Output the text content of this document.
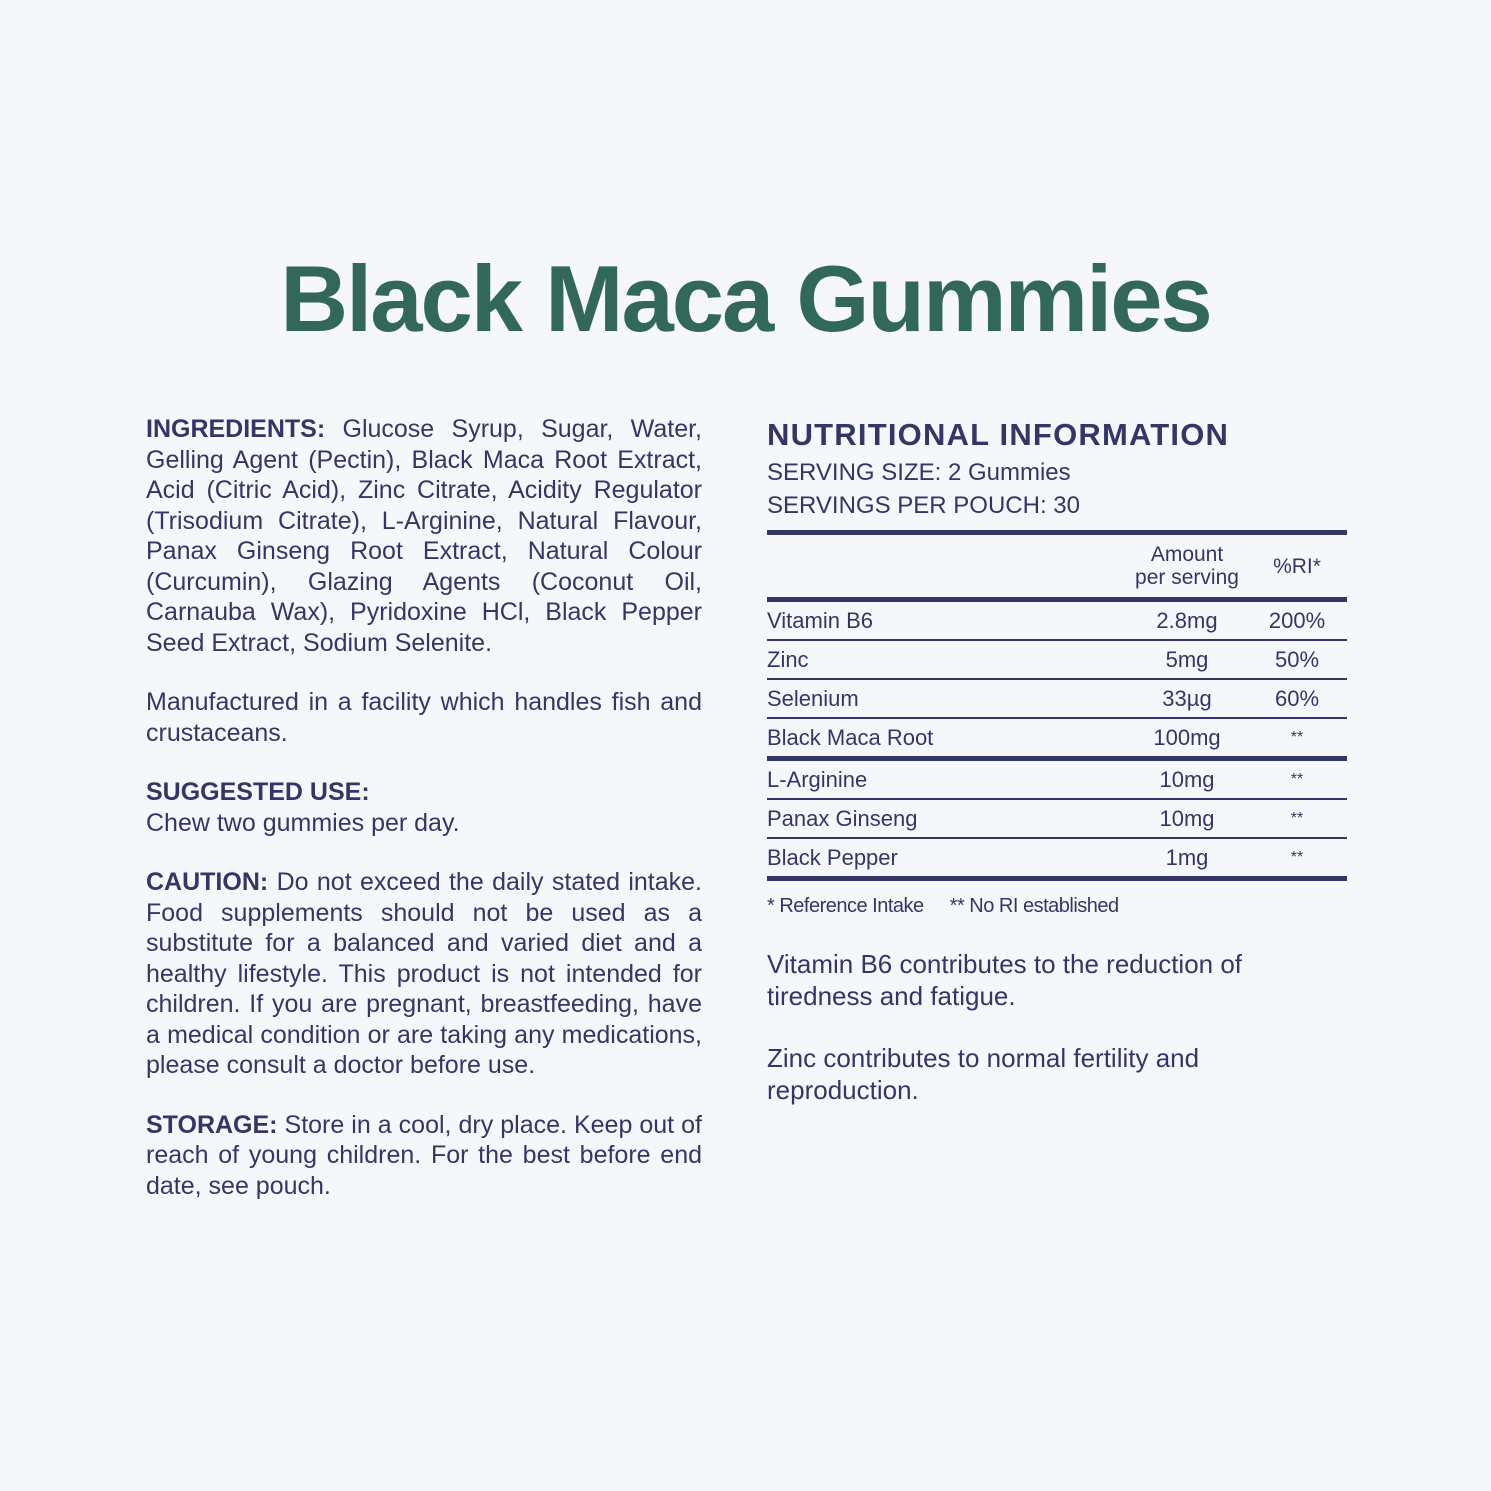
Black Maca Gummies

INGREDIENTS: Glucose Syrup, Sugar, Water, Gelling Agent (Pectin), Black Maca Root Extract, Acid (Citric Acid), Zinc Citrate, Acidity Regulator (Trisodium Citrate), L-Arginine, Natural Flavour, Panax Ginseng Root Extract, Natural Colour (Curcumin), Glazing Agents (Coconut Oil, Carnauba Wax), Pyridoxine HCl, Black Pepper Seed Extract, Sodium Selenite.

Manufactured in a facility which handles fish and crustaceans.

SUGGESTED USE:

Chew two gummies per day.

CAUTION: Do not exceed the daily stated intake. Food supplements should not be used as a substitute for a balanced and varied diet and a healthy lifestyle. This product is not intended for children. If you are pregnant, breastfeeding, have a medical condition or are taking any medications, please consult a doctor before use.

STORAGE: Store in a cool, dry place. Keep out of reach of young children. For the best before end date, see pouch.

NUTRITIONAL INFORMATION

SERVING SIZE: 2 Gummies

SERVINGS PER POUCH: 30

	Amount
per serving	%RI*
Vitamin B6	2.8mg	200%
Zinc	5mg	50%
Selenium	33µg	60%
Black Maca Root	100mg	**
L-Arginine	10mg	**
Panax Ginseng	10mg	**
Black Pepper	1mg	**
* Reference Intake ** No RI established

Vitamin B6 contributes to the reduction of tiredness and fatigue.

Zinc contributes to normal fertility and reproduction.
